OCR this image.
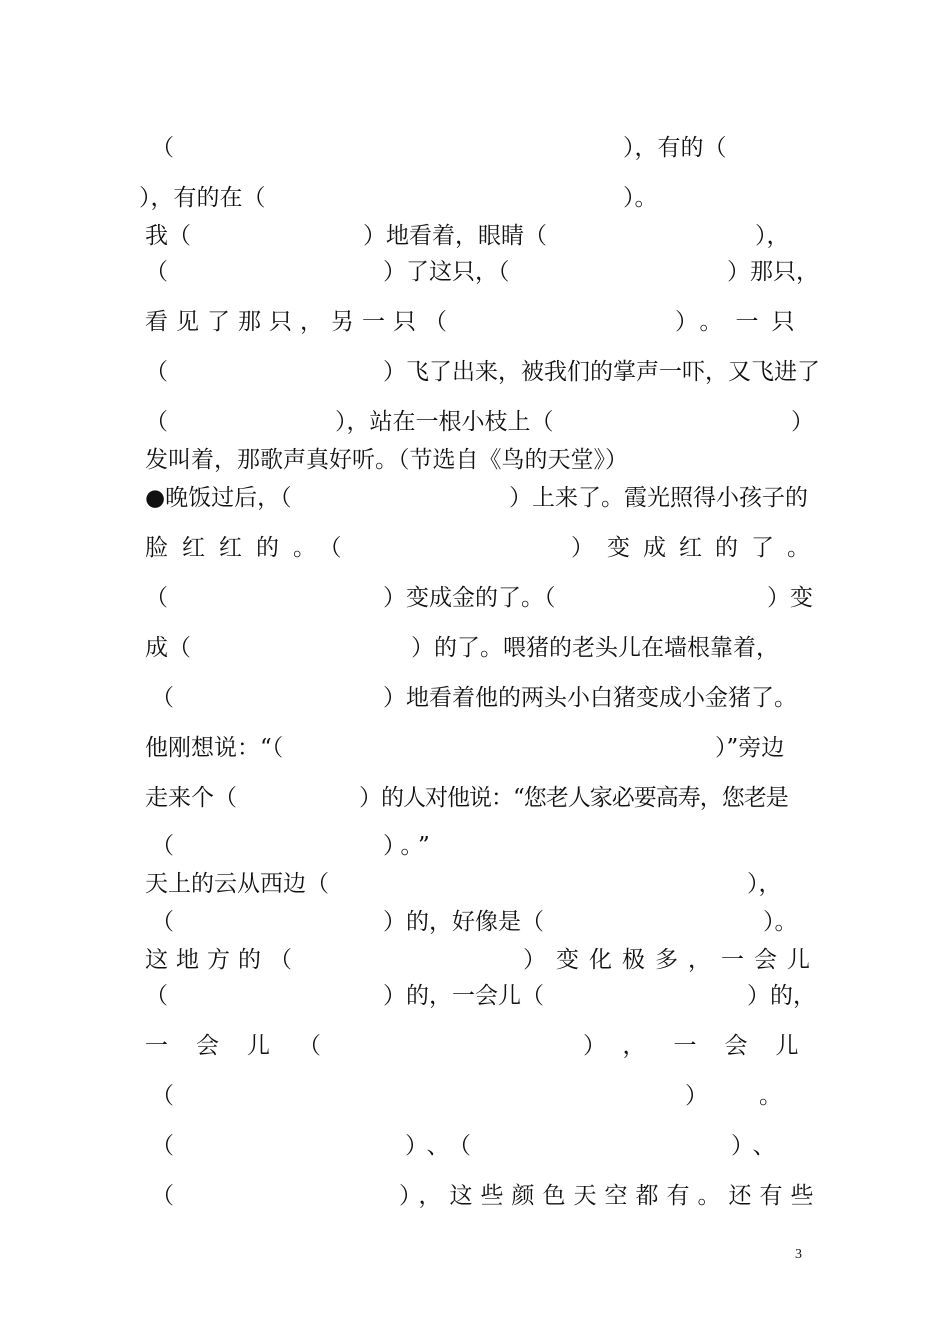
（	），有的（
），有的在（	）。
我（	）地看着，眼睛（	），
（	）了这只，（	）那只，
看见了那只，另一只（	）。一只
（	）飞了出来，被我们的掌声一吓，又飞进了
（	），站在一根小枝上（	）
发叫着，那歌声真好听。（节选自《鸟的天堂》）
●晚饭过后，（	）上来了。霞光照得小孩子的
脸红红的。（	）变成红的了。
（	）变成金的了。（	）变
成（	）的了。喂猪的老头儿在墙根靠着，
（	）地看着他的两头小白猪变成小金猪了。
他刚想说：“（	）”旁边
走来个（	）的人对他说：“您老人家必要高寿，您老是
（	）。”
天上的云从西边（	），
（	）的，好像是（	）。
这地方的（	）变化极多，一会儿
（	）的，一会儿（	）的，
一会儿（	），一会儿
（	） 。
（	）、（	）、
（	），这些颜色天空都有。还有些
3
